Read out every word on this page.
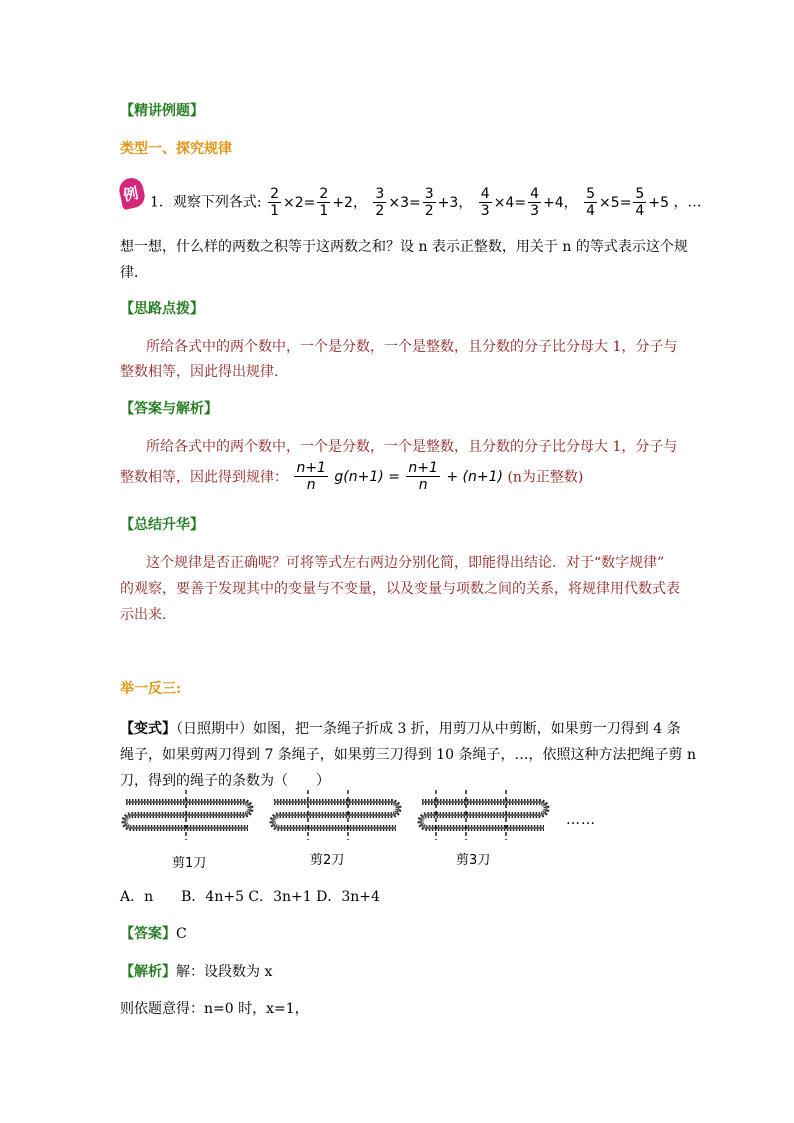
【精讲例题】
类型一、探究规律
例 1．观察下列各式: $\frac{2}{1} \times 2= \frac{2}{1} +2$， $\frac{3}{2} \times 3= \frac{3}{2} +3$， $\frac{4}{3} \times 4= \frac{4}{3} +4$， $\frac{5}{4} \times 5= \frac{5}{4} +5$ ，…
想一想，什么样的两数之积等于这两数之和？设 n 表示正整数，用关于 n 的等式表示这个规
律．
【思路点拨】
所给各式中的两个数中，一个是分数，一个是整数，且分数的分子比分母大 1，分子与
整数相等，因此得出规律.
【答案与解析】
所给各式中的两个数中，一个是分数，一个是整数，且分数的分子比分母大 1，分子与
整数相等，因此得到规律： $\frac{n+1}{n} g(n+1) = \frac{n+1}{n} + (n+1)$ (n为正整数)
【总结升华】
这个规律是否正确呢？可将等式左右两边分别化简，即能得出结论．对于“数字规律”
的观察，要善于发现其中的变量与不变量，以及变量与项数之间的关系，将规律用代数式表
示出来．
举一反三:
【变式】（日照期中）如图，把一条绳子折成 3 折，用剪刀从中剪断，如果剪一刀得到 4 条
绳子，如果剪两刀得到 7 条绳子，如果剪三刀得到 10 条绳子，…，依照这种方法把绳子剪 n
刀，得到的绳子的条数为（　　）
剪1刀	剪2刀	剪3刀
……
A．n　　B．4n+5 C．3n+1 D．3n+4
【答案】C
【解析】解：设段数为 x
则依题意得：n=0 时，x=1，
